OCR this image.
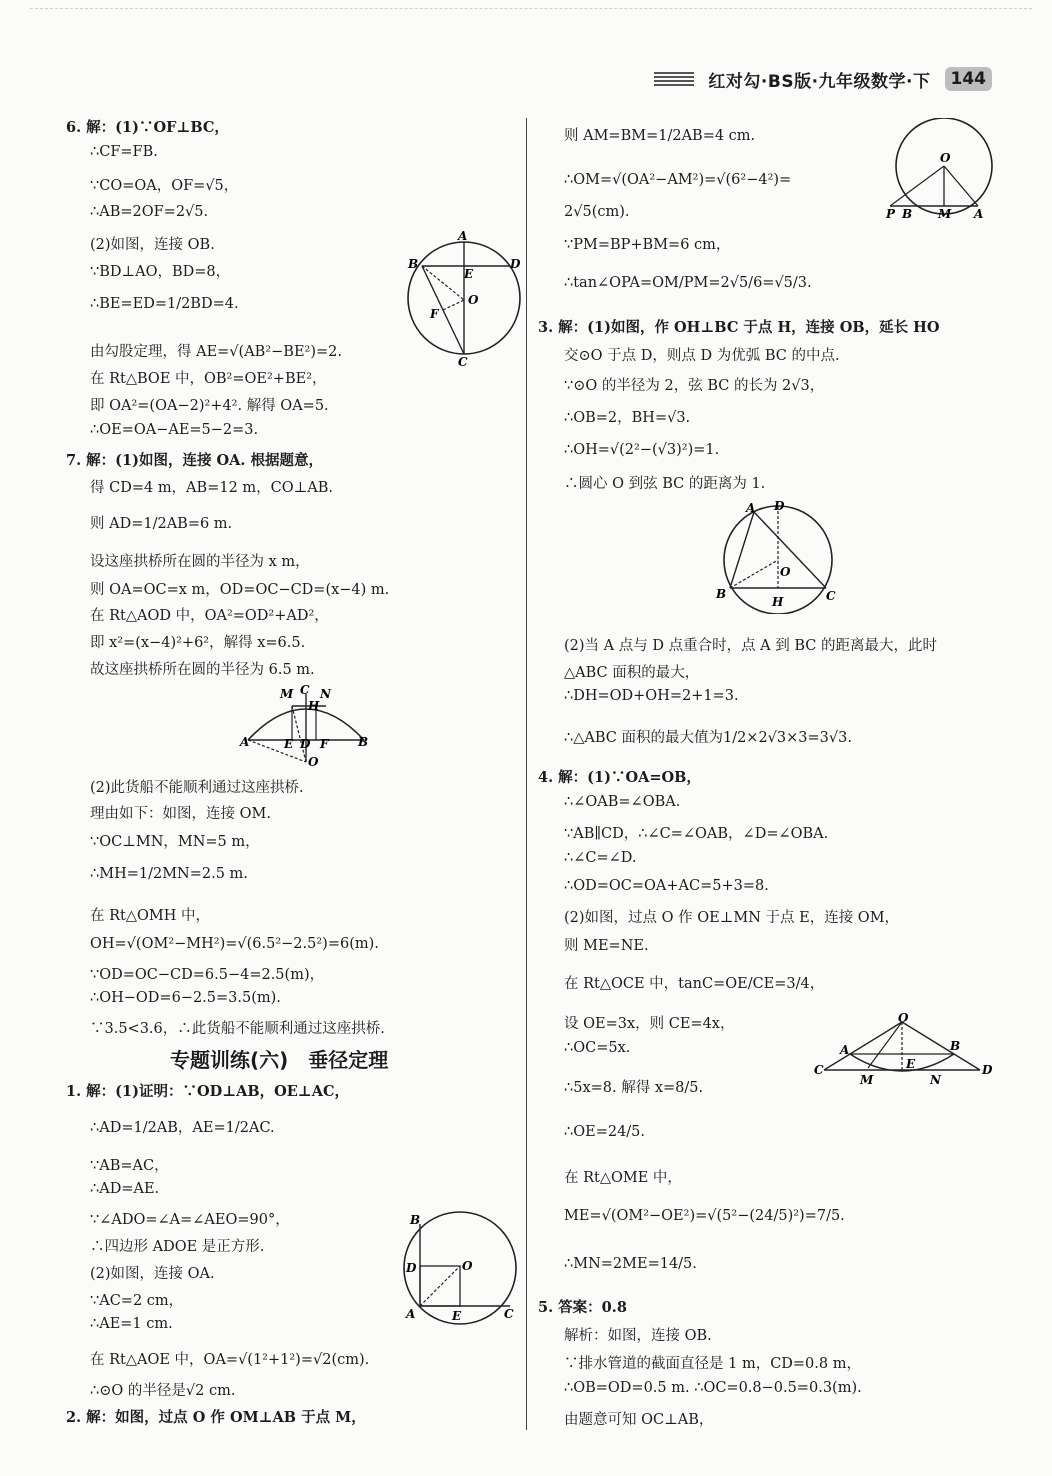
红对勾·BS版·九年级数学·下	144
6. 解：(1)∵OF⊥BC，
∴CF=FB.
∵CO=OA，OF=√5，
∴AB=2OF=2√5.
(2)如图，连接 OB.
∵BD⊥AO，BD=8，
∴BE=ED=1/2BD=4.
由勾股定理，得 AE=√(AB²−BE²)=2.
在 Rt△BOE 中，OB²=OE²+BE²，
即 OA²=(OA−2)²+4². 解得 OA=5.
∴OE=OA−AE=5−2=3.
7. 解：(1)如图，连接 OA. 根据题意，
得 CD=4 m，AB=12 m，CO⊥AB.
则 AD=1/2AB=6 m.
设这座拱桥所在圆的半径为 x m，
则 OA=OC=x m，OD=OC−CD=(x−4) m.
在 Rt△AOD 中，OA²=OD²+AD²，
即 x²=(x−4)²+6²，解得 x=6.5.
故这座拱桥所在圆的半径为 6.5 m.
(2)此货船不能顺利通过这座拱桥.
理由如下：如图，连接 OM.
∵OC⊥MN，MN=5 m，
∴MH=1/2MN=2.5 m.
在 Rt△OMH 中，
OH=√(OM²−MH²)=√(6.5²−2.5²)=6(m).
∵OD=OC−CD=6.5−4=2.5(m)，
∴OH−OD=6−2.5=3.5(m).
∵3.5<3.6，∴此货船不能顺利通过这座拱桥.
专题训练(六)　垂径定理
1. 解：(1)证明：∵OD⊥AB，OE⊥AC，
∴AD=1/2AB，AE=1/2AC.
∵AB=AC，
∴AD=AE.
∵∠ADO=∠A=∠AEO=90°，
∴四边形 ADOE 是正方形.
(2)如图，连接 OA.
∵AC=2 cm，
∴AE=1 cm.
在 Rt△AOE 中，OA=√(1²+1²)=√2(cm).
∴⊙O 的半径是√2 cm.
2. 解：如图，过点 O 作 OM⊥AB 于点 M，
则 AM=BM=1/2AB=4 cm.
∴OM=√(OA²−AM²)=√(6²−4²)=
2√5(cm).
∵PM=BP+BM=6 cm，
∴tan∠OPA=OM/PM=2√5/6=√5/3.
3. 解：(1)如图，作 OH⊥BC 于点 H，连接 OB，延长 HO
交⊙O 于点 D，则点 D 为优弧 BC 的中点.
∵⊙O 的半径为 2，弦 BC 的长为 2√3，
∴OB=2，BH=√3.
∴OH=√(2²−(√3)²)=1.
∴圆心 O 到弦 BC 的距离为 1.
(2)当 A 点与 D 点重合时，点 A 到 BC 的距离最大，此时
△ABC 面积的最大，
∴DH=OD+OH=2+1=3.
∴△ABC 面积的最大值为1/2×2√3×3=3√3.
4. 解：(1)∵OA=OB，
∴∠OAB=∠OBA.
∵AB∥CD，∴∠C=∠OAB，∠D=∠OBA.
∴∠C=∠D.
∴OD=OC=OA+AC=5+3=8.
(2)如图，过点 O 作 OE⊥MN 于点 E，连接 OM，
则 ME=NE.
在 Rt△OCE 中，tanC=OE/CE=3/4，
设 OE=3x，则 CE=4x，
∴OC=5x.
∴5x=8. 解得 x=8/5.
∴OE=24/5.
在 Rt△OME 中，
ME=√(OM²−OE²)=√(5²−(24/5)²)=7/5.
∴MN=2ME=14/5.
5. 答案：0.8
解析：如图，连接 OB.
∵排水管道的截面直径是 1 m，CD=0.8 m，
∴OB=OD=0.5 m. ∴OC=0.8−0.5=0.3(m).
由题意可知 OC⊥AB，
A
B	D
E
O
F
C
M C N
H
A	E D F B
O
B
D	O
A	E	C
O
P B M A
A D
O
B
H	C
O
A	B
C
M
E
N
D
